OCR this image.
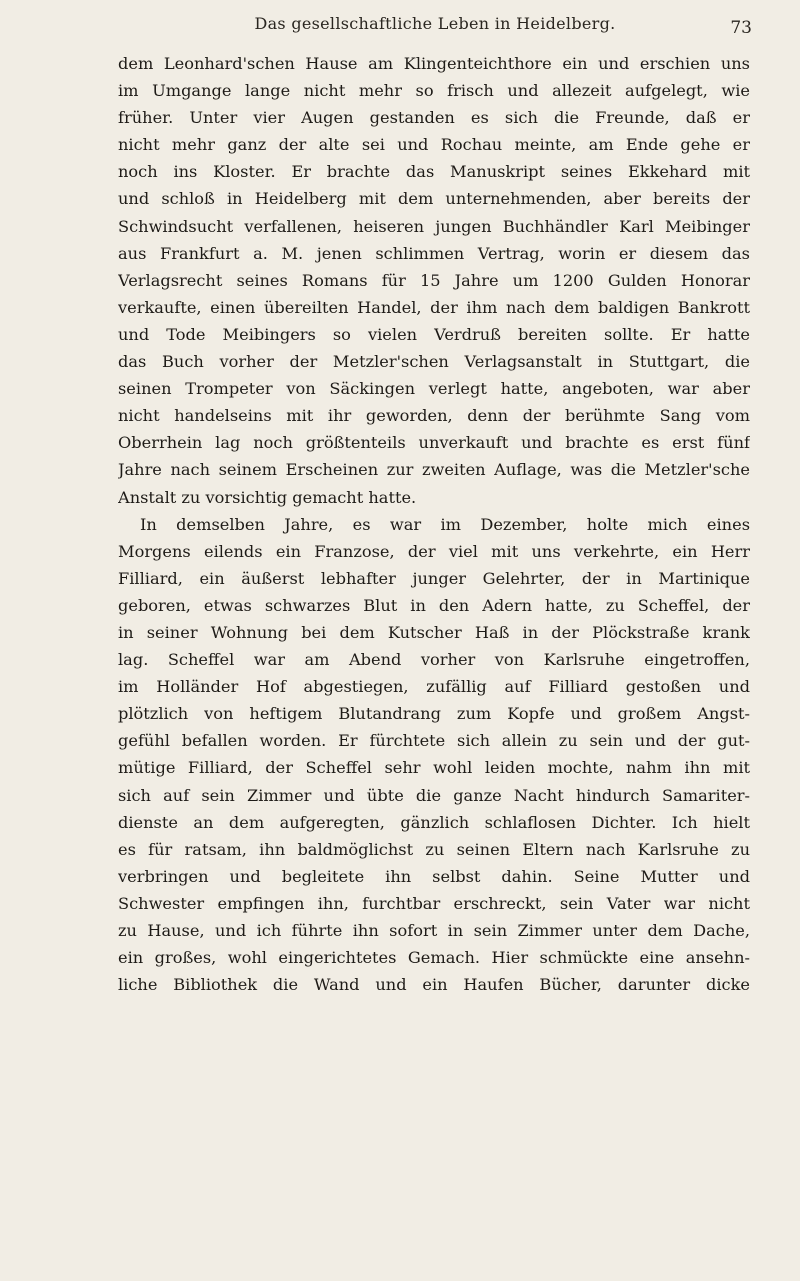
Das gesellschaftliche Leben in Heidelberg.	73
dem Leonhard'schen Hause am Klingenteichthore ein und erschien uns
im Umgange lange nicht mehr so frisch und allezeit aufgelegt, wie
früher. Unter vier Augen gestanden es sich die Freunde, daß er
nicht mehr ganz der alte sei und Rochau meinte, am Ende gehe er
noch ins Kloster. Er brachte das Manuskript seines Ekkehard mit
und schloß in Heidelberg mit dem unternehmenden, aber bereits der
Schwindsucht verfallenen, heiseren jungen Buchhändler Karl Meibinger
aus Frankfurt a. M. jenen schlimmen Vertrag, worin er diesem das
Verlagsrecht seines Romans für 15 Jahre um 1200 Gulden Honorar
verkaufte, einen übereilten Handel, der ihm nach dem baldigen Bankrott
und Tode Meibingers so vielen Verdruß bereiten sollte. Er hatte
das Buch vorher der Metzler'schen Verlagsanstalt in Stuttgart, die
seinen Trompeter von Säckingen verlegt hatte, angeboten, war aber
nicht handelseins mit ihr geworden, denn der berühmte Sang vom
Oberrhein lag noch größtenteils unverkauft und brachte es erst fünf
Jahre nach seinem Erscheinen zur zweiten Auflage, was die Metzler'sche
Anstalt zu vorsichtig gemacht hatte.
In demselben Jahre, es war im Dezember, holte mich eines
Morgens eilends ein Franzose, der viel mit uns verkehrte, ein Herr
Filliard, ein äußerst lebhafter junger Gelehrter, der in Martinique
geboren, etwas schwarzes Blut in den Adern hatte, zu Scheffel, der
in seiner Wohnung bei dem Kutscher Haß in der Plöckstraße krank
lag. Scheffel war am Abend vorher von Karlsruhe eingetroffen,
im Holländer Hof abgestiegen, zufällig auf Filliard gestoßen und
plötzlich von heftigem Blutandrang zum Kopfe und großem Angst-
gefühl befallen worden. Er fürchtete sich allein zu sein und der gut-
mütige Filliard, der Scheffel sehr wohl leiden mochte, nahm ihn mit
sich auf sein Zimmer und übte die ganze Nacht hindurch Samariter-
dienste an dem aufgeregten, gänzlich schlaflosen Dichter. Ich hielt
es für ratsam, ihn baldmöglichst zu seinen Eltern nach Karlsruhe zu
verbringen und begleitete ihn selbst dahin. Seine Mutter und
Schwester empfingen ihn, furchtbar erschreckt, sein Vater war nicht
zu Hause, und ich führte ihn sofort in sein Zimmer unter dem Dache,
ein großes, wohl eingerichtetes Gemach. Hier schmückte eine ansehn-
liche Bibliothek die Wand und ein Haufen Bücher, darunter dicke
